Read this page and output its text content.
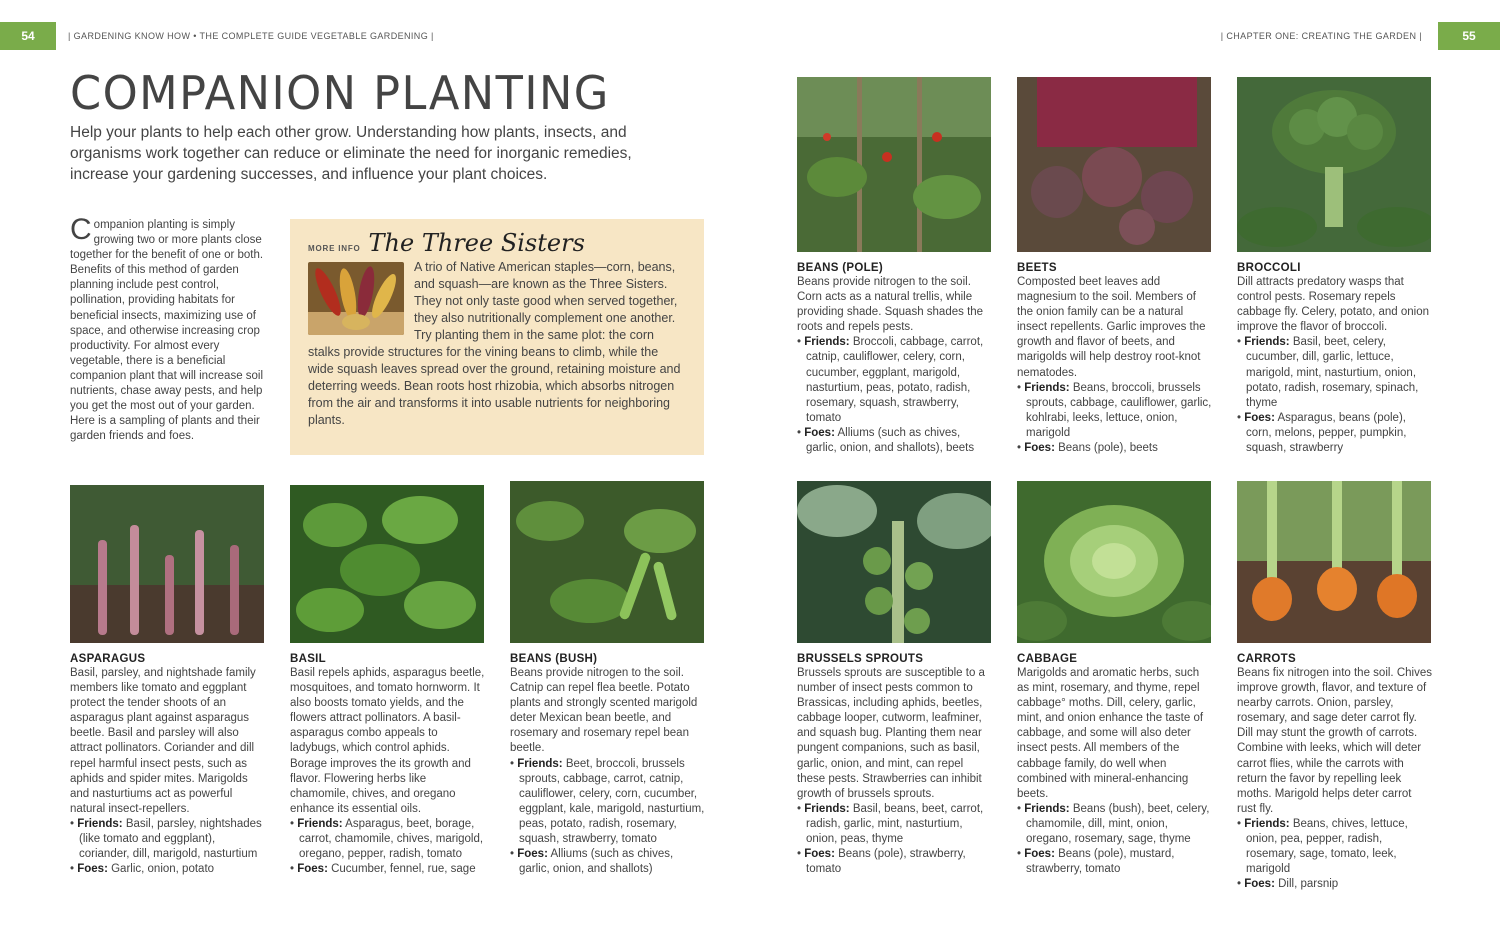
54	| GARDENING KNOW HOW • THE COMPLETE GUIDE VEGETABLE GARDENING |
COMPANION PLANTING

Help your plants to help each other grow. Understanding how plants, insects, and organisms work together can reduce or eliminate the need for inorganic remedies, increase your gardening successes, and influence your plant choices.

Companion planting is simply growing two or more plants close together for the benefit of one or both. Benefits of this method of garden planning include pest control, pollination, providing habitats for beneficial insects, maximizing use of space, and otherwise increasing crop productivity. For almost every vegetable, there is a beneficial companion plant that will increase soil nutrients, chase away pests, and help you get the most out of your garden. Here is a sampling of plants and their garden friends and foes.

MORE INFO The Three Sisters

A trio of Native American staples—corn, beans, and squash—are known as the Three Sisters. They not only taste good when served together, they also nutritionally complement one another. Try planting them in the same plot: the corn stalks provide structures for the vining beans to climb, while the wide squash leaves spread over the ground, retaining moisture and deterring weeds. Bean roots host rhizobia, which absorbs nitrogen from the air and transforms it into usable nutrients for neighboring plants.

ASPARAGUS

Basil, parsley, and nightshade family members like tomato and eggplant protect the tender shoots of an asparagus plant against asparagus beetle. Basil and parsley will also attract pollinators. Coriander and dill repel harmful insect pests, such as aphids and spider mites. Marigolds and nasturtiums act as powerful natural insect-repellers.

• Friends: Basil, parsley, nightshades (like tomato and eggplant), coriander, dill, marigold, nasturtium
• Foes: Garlic, onion, potato
BASIL

Basil repels aphids, asparagus beetle, mosquitoes, and tomato hornworm. It also boosts tomato yields, and the flowers attract pollinators. A basil-asparagus combo appeals to ladybugs, which control aphids. Borage improves the its growth and flavor. Flowering herbs like chamomile, chives, and oregano enhance its essential oils.

• Friends: Asparagus, beet, borage, carrot, chamomile, chives, marigold, oregano, pepper, radish, tomato
• Foes: Cucumber, fennel, rue, sage
BEANS (BUSH)

Beans provide nitrogen to the soil. Catnip can repel flea beetle. Potato plants and strongly scented marigold deter Mexican bean beetle, and rosemary and rosemary repel bean beetle.

• Friends: Beet, broccoli, brussels sprouts, cabbage, carrot, catnip, cauliflower, celery, corn, cucumber, eggplant, kale, marigold, nasturtium, peas, potato, radish, rosemary, squash, strawberry, tomato
• Foes: Alliums (such as chives, garlic, onion, and shallots)
| CHAPTER ONE: CREATING THE GARDEN |	55
BEANS (POLE)

Beans provide nitrogen to the soil. Corn acts as a natural trellis, while providing shade. Squash shades the roots and repels pests.

• Friends: Broccoli, cabbage, carrot, catnip, cauliflower, celery, corn, cucumber, eggplant, marigold, nasturtium, peas, potato, radish, rosemary, squash, strawberry, tomato
• Foes: Alliums (such as chives, garlic, onion, and shallots), beets
BEETS

Composted beet leaves add magnesium to the soil. Members of the onion family can be a natural insect repellents. Garlic improves the growth and flavor of beets, and marigolds will help destroy root-knot nematodes.

• Friends: Beans, broccoli, brussels sprouts, cabbage, cauliflower, garlic, kohlrabi, leeks, lettuce, onion, marigold
• Foes: Beans (pole), beets
BROCCOLI

Dill attracts predatory wasps that control pests. Rosemary repels cabbage fly. Celery, potato, and onion improve the flavor of broccoli.

• Friends: Basil, beet, celery, cucumber, dill, garlic, lettuce, marigold, mint, nasturtium, onion, potato, radish, rosemary, spinach, thyme
• Foes: Asparagus, beans (pole), corn, melons, pepper, pumpkin, squash, strawberry
BRUSSELS SPROUTS

Brussels sprouts are susceptible to a number of insect pests common to Brassicas, including aphids, beetles, cabbage looper, cutworm, leafminer, and squash bug. Planting them near pungent companions, such as basil, garlic, onion, and mint, can repel these pests. Strawberries can inhibit growth of brussels sprouts.

• Friends: Basil, beans, beet, carrot, radish, garlic, mint, nasturtium, onion, peas, thyme
• Foes: Beans (pole), strawberry, tomato
CABBAGE

Marigolds and aromatic herbs, such as mint, rosemary, and thyme, repel cabbage° moths. Dill, celery, garlic, mint, and onion enhance the taste of cabbage, and some will also deter insect pests. All members of the cabbage family, do well when combined with mineral-enhancing beets.

• Friends: Beans (bush), beet, celery, chamomile, dill, mint, onion, oregano, rosemary, sage, thyme
• Foes: Beans (pole), mustard, strawberry, tomato
CARROTS

Beans fix nitrogen into the soil. Chives improve growth, flavor, and texture of nearby carrots. Onion, parsley, rosemary, and sage deter carrot fly. Dill may stunt the growth of carrots. Combine with leeks, which will deter carrot flies, while the carrots with return the favor by repelling leek moths. Marigold helps deter carrot rust fly.

• Friends: Beans, chives, lettuce, onion, pea, pepper, radish, rosemary, sage, tomato, leek, marigold
• Foes: Dill, parsnip
